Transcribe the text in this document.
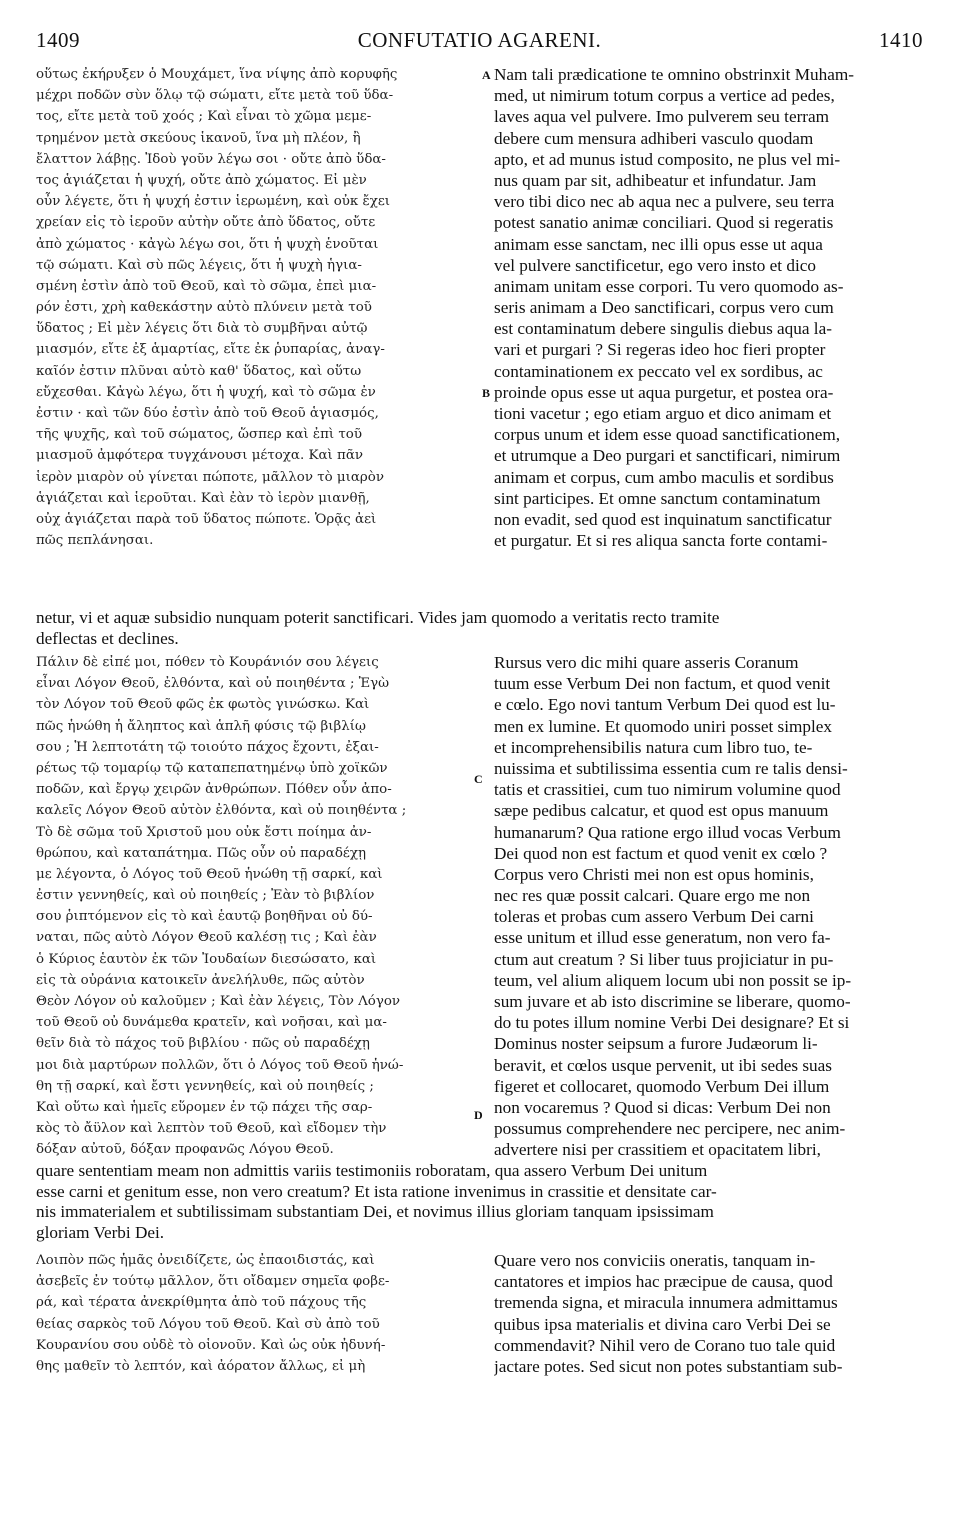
1409	CONFUTATIO AGARENI.	1410
οὕτως ἐκήρυξεν ὁ Μουχάμετ, ἵνα νίψης ἀπὸ κορυφῆς
μέχρι ποδῶν σὺν ὅλῳ τῷ σώματι, εἴτε μετὰ τοῦ ὕδα-
τος, εἴτε μετὰ τοῦ χοός ; Καὶ εἶναι τὸ χῶμα μεμε-
τρημένον μετὰ σκεύους ἱκανοῦ, ἵνα μὴ πλέον, ἢ
ἔλαττον λάβῃς. Ἰδοὺ γοῦν λέγω σοι · οὔτε ἀπὸ ὕδα-
τος ἁγιάζεται ἡ ψυχή, οὔτε ἀπὸ χώματος. Εἰ μὲν
οὖν λέγετε, ὅτι ἡ ψυχή ἐστιν ἱερωμένη, καὶ οὐκ ἔχει
χρείαν εἰς τὸ ἱεροῦν αὐτὴν οὔτε ἀπὸ ὕδατος, οὔτε
ἀπὸ χώματος · κἀγὼ λέγω σοι, ὅτι ἡ ψυχὴ ἑνοῦται
τῷ σώματι. Καὶ σὺ πῶς λέγεις, ὅτι ἡ ψυχὴ ἡγια-
σμένη ἐστὶν ἀπὸ τοῦ Θεοῦ, καὶ τὸ σῶμα, ἐπεὶ μια-
ρόν ἐστι, χρὴ καθεκάστην αὐτὸ πλύνειν μετὰ τοῦ
ὕδατος ; Εἰ μὲν λέγεις ὅτι διὰ τὸ συμβῆναι αὐτῷ
μιασμόν, εἴτε ἐξ ἁμαρτίας, εἴτε ἐκ ῥυπαρίας, ἀναγ-
καῖόν ἐστιν πλῦναι αὐτὸ καθ' ὕδατος, καὶ οὕτω
εὔχεσθαι. Κἀγὼ λέγω, ὅτι ἡ ψυχή, καὶ τὸ σῶμα ἐν
ἐστιν · καὶ τῶν δύο ἐστὶν ἀπὸ τοῦ Θεοῦ ἁγιασμός,
τῆς ψυχῆς, καὶ τοῦ σώματος, ὥσπερ καὶ ἐπὶ τοῦ
μιασμοῦ ἀμφότερα τυγχάνουσι μέτοχα. Καὶ πᾶν
ἱερὸν μιαρὸν οὐ γίνεται πώποτε, μᾶλλον τὸ μιαρὸν
ἁγιάζεται καὶ ἱεροῦται. Καὶ ἐὰν τὸ ἱερὸν μιανθῇ,
οὐχ ἁγιάζεται παρὰ τοῦ ὕδατος πώποτε. Ὁρᾷς ἀεὶ
πῶς πεπλάνησαι.
A
B
Nam tali prædicatione te omnino obstrinxit Muham-
med, ut nimirum totum corpus a vertice ad pedes,
laves aqua vel pulvere. Imo pulverem seu terram
debere cum mensura adhiberi vasculo quodam
apto, et ad munus istud composito, ne plus vel mi-
nus quam par sit, adhibeatur et infundatur. Jam
vero tibi dico nec ab aqua nec a pulvere, seu terra
potest sanatio animæ conciliari. Quod si regeratis
animam esse sanctam, nec illi opus esse ut aqua
vel pulvere sanctificetur, ego vero insto et dico
animam unitam esse corpori. Tu vero quomodo as-
seris animam a Deo sanctificari, corpus vero cum
est contaminatum debere singulis diebus aqua la-
vari et purgari ? Si regeras ideo hoc fieri propter
contaminationem ex peccato vel ex sordibus, ac
proinde opus esse ut aqua purgetur, et postea ora-
tioni vacetur ; ego etiam arguo et dico animam et
corpus unum et idem esse quoad sanctificationem,
et utrumque a Deo purgari et sanctificari, nimirum
animam et corpus, cum ambo maculis et sordibus
sint participes. Et omne sanctum contaminatum
non evadit, sed quod est inquinatum sanctificatur
et purgatur. Et si res aliqua sancta forte contami-
netur, vi et aquæ subsidio nunquam poterit sanctificari. Vides jam quomodo a veritatis recto tramite
deflectas et declines.
Πάλιν δὲ εἰπέ μοι, πόθεν τὸ Κουράνιόν σου λέγεις
εἶναι Λόγον Θεοῦ, ἐλθόντα, καὶ οὐ ποιηθέντα ; Ἐγὼ
τὸν Λόγον τοῦ Θεοῦ φῶς ἐκ φωτὸς γινώσκω. Καὶ
πῶς ἡνώθη ἡ ἄληπτος καὶ ἁπλῆ φύσις τῷ βιβλίῳ
σου ; Ἡ λεπτοτάτη τῷ τοιούτο πάχος ἔχοντι, ἐξαι-
ρέτως τῷ τομαρίῳ τῷ καταπεπατημένῳ ὑπὸ χοϊκῶν
ποδῶν, καὶ ἔργῳ χειρῶν ἀνθρώπων. Πόθεν οὖν ἀπο-
καλεῖς Λόγον Θεοῦ αὐτὸν ἐλθόντα, καὶ οὐ ποιηθέντα ;
Τὸ δὲ σῶμα τοῦ Χριστοῦ μου οὐκ ἔστι ποίημα ἀν-
θρώπου, καὶ καταπάτημα. Πῶς οὖν οὐ παραδέχῃ
με λέγοντα, ὁ Λόγος τοῦ Θεοῦ ἡνώθη τῇ σαρκί, καὶ
ἐστιν γεννηθείς, καὶ οὐ ποιηθείς ; Ἐὰν τὸ βιβλίον
σου ῥιπτόμενον εἰς τὸ καὶ ἑαυτῷ βοηθῆναι οὐ δύ-
ναται, πῶς αὐτὸ Λόγον Θεοῦ καλέσῃ τις ; Καὶ ἐὰν
ὁ Κύριος ἑαυτὸν ἐκ τῶν Ἰουδαίων διεσώσατο, καὶ
εἰς τὰ οὐράνια κατοικεῖν ἀνελήλυθε, πῶς αὐτὸν
Θεὸν Λόγον οὐ καλοῦμεν ; Καὶ ἐὰν λέγεις, Τὸν Λόγον
τοῦ Θεοῦ οὐ δυνάμεθα κρατεῖν, καὶ νοῆσαι, καὶ μα-
θεῖν διὰ τὸ πάχος τοῦ βιβλίου · πῶς οὐ παραδέχῃ
μοι διὰ μαρτύρων πολλῶν, ὅτι ὁ Λόγος τοῦ Θεοῦ ἡνώ-
θη τῇ σαρκί, καὶ ἔστι γεννηθείς, καὶ οὐ ποιηθείς ;
Καὶ οὕτω καὶ ἡμεῖς εὕρομεν ἐν τῷ πάχει τῆς σαρ-
κὸς τὸ ἄϋλον καὶ λεπτὸν τοῦ Θεοῦ, καὶ εἴδομεν τὴν
δόξαν αὐτοῦ, δόξαν προφανῶς Λόγου Θεοῦ.
C
D
Rursus vero dic mihi quare asseris Coranum
tuum esse Verbum Dei non factum, et quod venit
e cœlo. Ego novi tantum Verbum Dei quod est lu-
men ex lumine. Et quomodo uniri posset simplex
et incomprehensibilis natura cum libro tuo, te-
nuissima et subtilissima essentia cum re talis densi-
tatis et crassitiei, cum tuo nimirum volumine quod
sæpe pedibus calcatur, et quod est opus manuum
humanarum? Qua ratione ergo illud vocas Verbum
Dei quod non est factum et quod venit ex cœlo ?
Corpus vero Christi mei non est opus hominis,
nec res quæ possit calcari. Quare ergo me non
toleras et probas cum assero Verbum Dei carni
esse unitum et illud esse generatum, non vero fa-
ctum aut creatum ? Si liber tuus projiciatur in pu-
teum, vel alium aliquem locum ubi non possit se ip-
sum juvare et ab isto discrimine se liberare, quomo-
do tu potes illum nomine Verbi Dei designare? Et si
Dominus noster seipsum a furore Judæorum li-
beravit, et cœlos usque pervenit, ut ibi sedes suas
figeret et collocaret, quomodo Verbum Dei illum
non vocaremus ? Quod si dicas: Verbum Dei non
possumus comprehendere nec percipere, nec anim-
advertere nisi per crassitiem et opacitatem libri,
quare sententiam meam non admittis variis testimoniis roboratam, qua assero Verbum Dei unitum
esse carni et genitum esse, non vero creatum? Et ista ratione invenimus in crassitie et densitate car-
nis immaterialem et subtilissimam substantiam Dei, et novimus illius gloriam tanquam ipsissimam
gloriam Verbi Dei.
Λοιπὸν πῶς ἡμᾶς ὀνειδίζετε, ὡς ἐπαοιδιστάς, καὶ
ἀσεβεῖς ἐν τούτῳ μᾶλλον, ὅτι οἴδαμεν σημεῖα φοβε-
ρά, καὶ τέρατα ἀνεκρίθμητα ἀπὸ τοῦ πάχους τῆς
θείας σαρκὸς τοῦ Λόγου τοῦ Θεοῦ. Καὶ σὺ ἀπὸ τοῦ
Κουρανίου σου οὐδὲ τὸ οἱονοῦν. Καὶ ὡς οὐκ ἠδυνή-
θης μαθεῖν τὸ λεπτόν, καὶ ἀόρατον ἄλλως, εἰ μὴ
Quare vero nos conviciis oneratis, tanquam in-
cantatores et impios hac præcipue de causa, quod
tremenda signa, et miracula innumera admittamus
quibus ipsa materialis et divina caro Verbi Dei se
commendavit? Nihil vero de Corano tuo tale quid
jactare potes. Sed sicut non potes substantiam sub-
